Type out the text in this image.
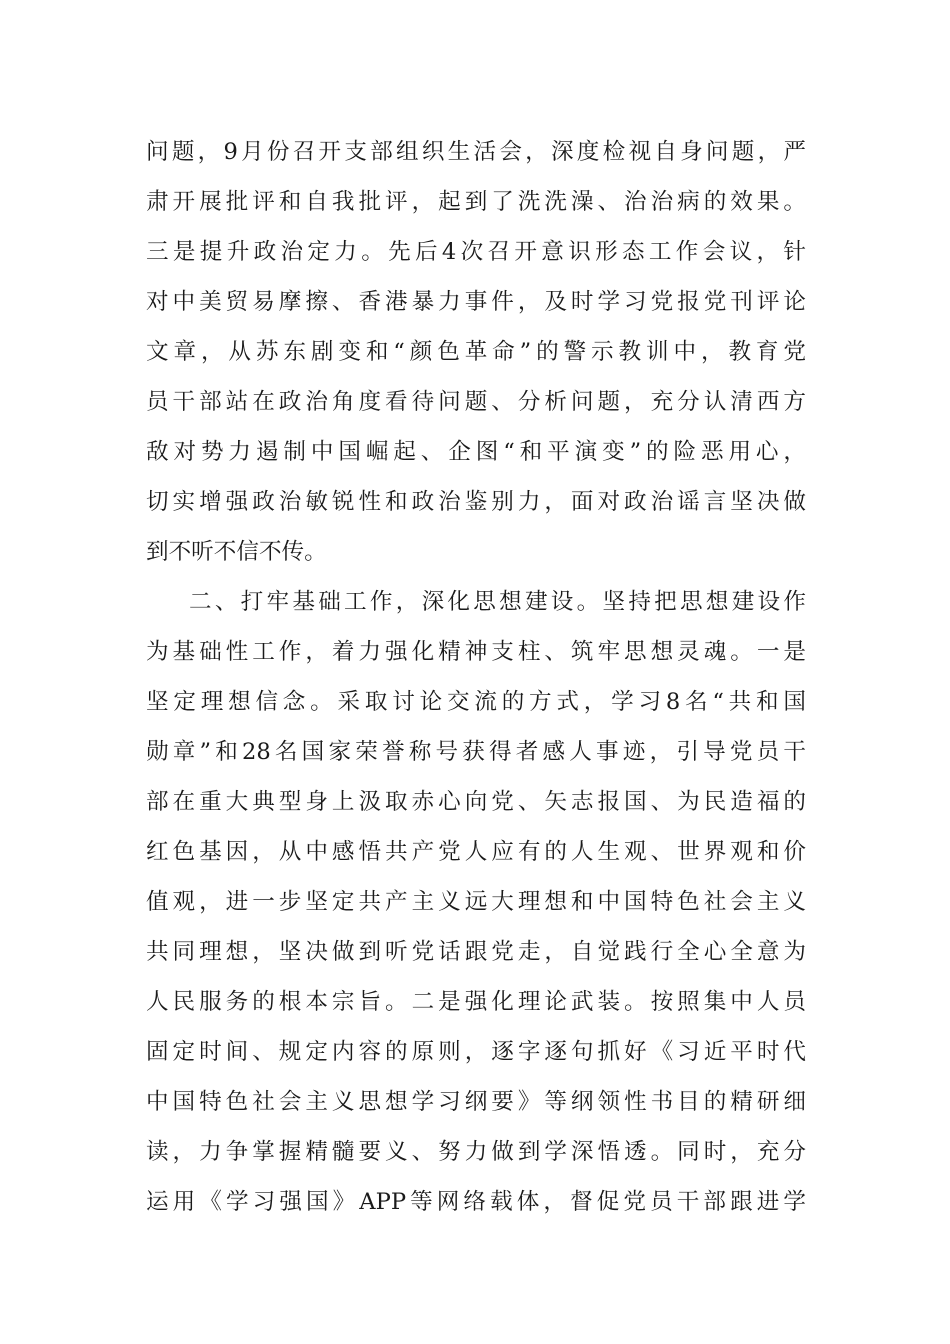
问题，9月份召开支部组织生活会，深度检视自身问题，严
肃开展批评和自我批评，起到了洗洗澡、治治病的效果。
三是提升政治定力。先后4次召开意识形态工作会议，针
对中美贸易摩擦、香港暴力事件，及时学习党报党刊评论
文章，从苏东剧变和“颜色革命”的警示教训中，教育党
员干部站在政治角度看待问题、分析问题，充分认清西方
敌对势力遏制中国崛起、企图“和平演变”的险恶用心，
切实增强政治敏锐性和政治鉴别力，面对政治谣言坚决做
到不听不信不传。
二、打牢基础工作，深化思想建设。坚持把思想建设作
为基础性工作，着力强化精神支柱、筑牢思想灵魂。一是
坚定理想信念。采取讨论交流的方式，学习8名“共和国
勋章”和28名国家荣誉称号获得者感人事迹，引导党员干
部在重大典型身上汲取赤心向党、矢志报国、为民造福的
红色基因，从中感悟共产党人应有的人生观、世界观和价
值观，进一步坚定共产主义远大理想和中国特色社会主义
共同理想，坚决做到听党话跟党走，自觉践行全心全意为
人民服务的根本宗旨。二是强化理论武装。按照集中人员
固定时间、规定内容的原则，逐字逐句抓好《习近平时代
中国特色社会主义思想学习纲要》等纲领性书目的精研细
读，力争掌握精髓要义、努力做到学深悟透。同时，充分
运用《学习强国》APP等网络载体，督促党员干部跟进学
